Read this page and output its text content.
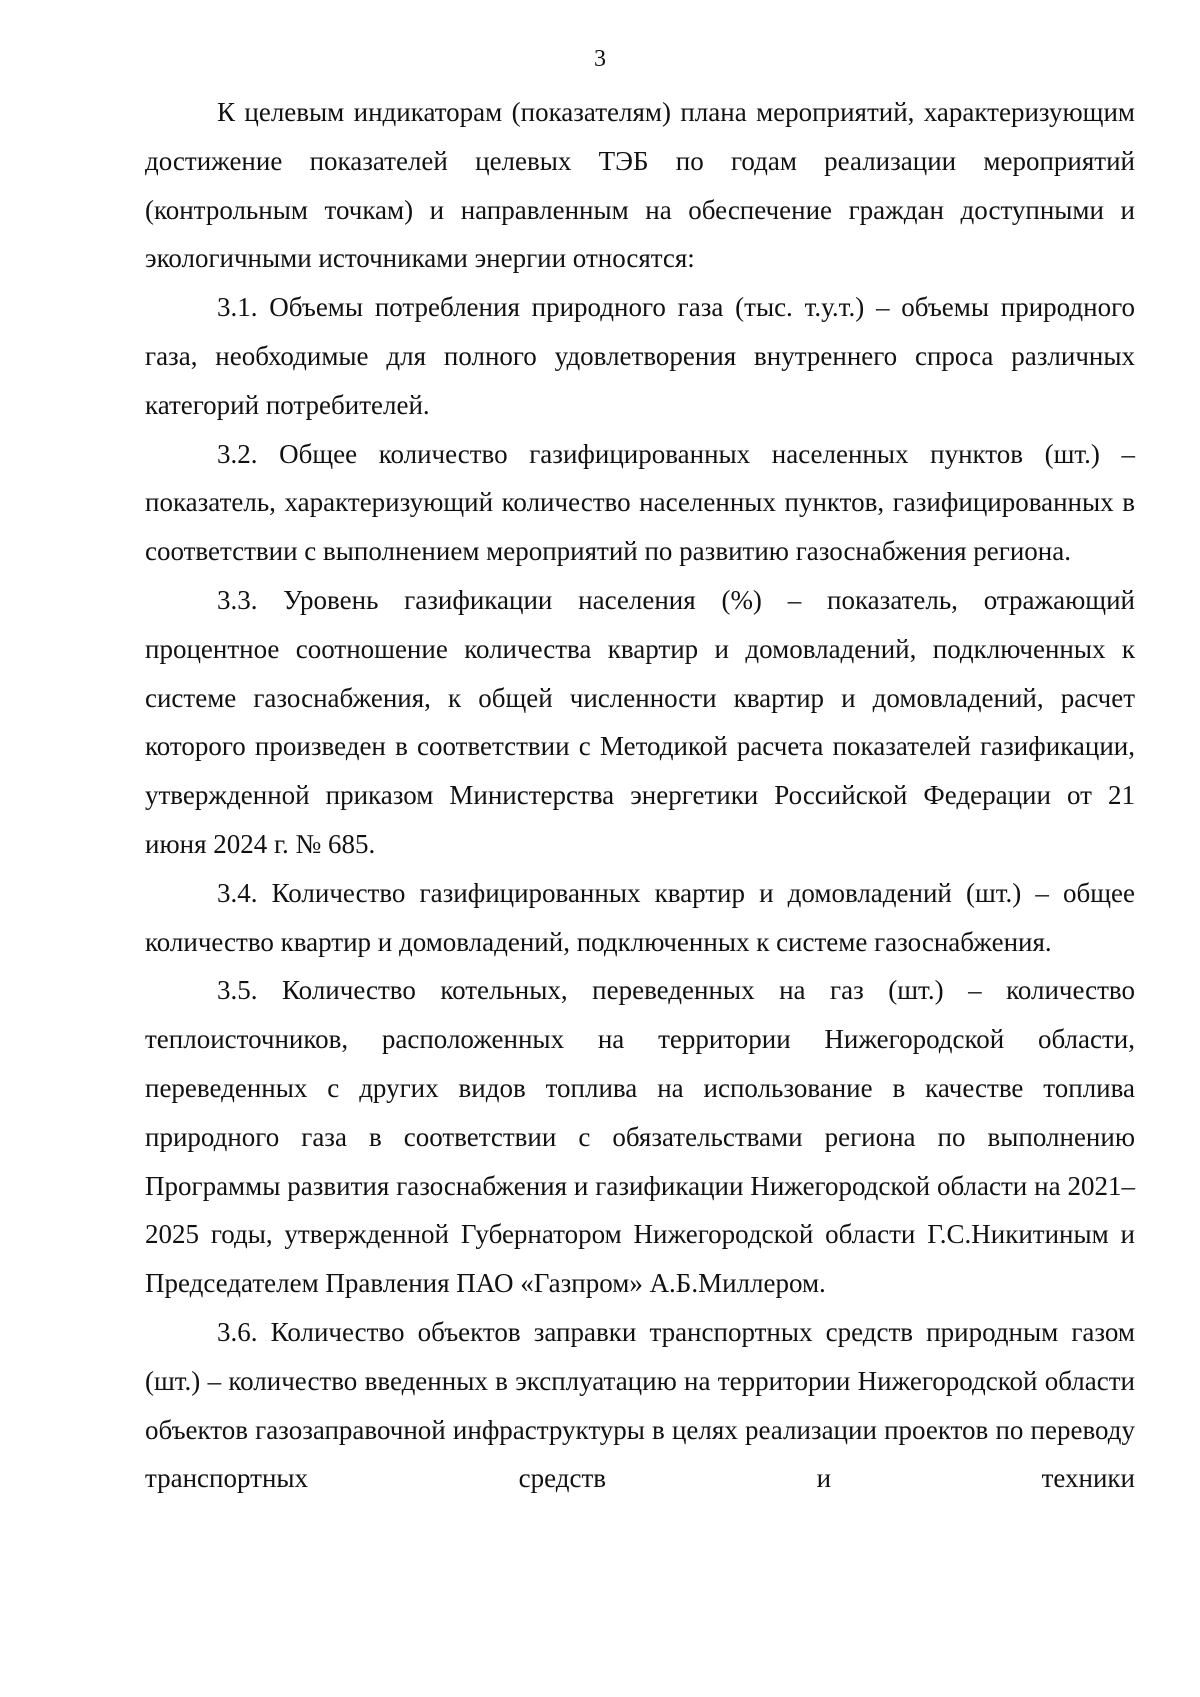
3

К целевым индикаторам (показателям) плана мероприятий, характеризующим достижение показателей целевых ТЭБ по годам реализации мероприятий (контрольным точкам) и направленным на обеспечение граждан доступными и экологичными источниками энергии относятся:

3.1. Объемы потребления природного газа (тыс. т.у.т.) – объемы природного газа, необходимые для полного удовлетворения внутреннего спроса различных категорий потребителей.

3.2. Общее количество газифицированных населенных пунктов (шт.) – показатель, характеризующий количество населенных пунктов, газифицированных в соответствии с выполнением мероприятий по развитию газоснабжения региона.

3.3. Уровень газификации населения (%) – показатель, отражающий процентное соотношение количества квартир и домовладений, подключенных к системе газоснабжения, к общей численности квартир и домовладений, расчет которого произведен в соответствии с Методикой расчета показателей газификации, утвержденной приказом Министерства энергетики Российской Федерации от 21 июня 2024 г. № 685.

3.4. Количество газифицированных квартир и домовладений (шт.) – общее количество квартир и домовладений, подключенных к системе газоснабжения.

3.5. Количество котельных, переведенных на газ (шт.) – количество теплоисточников, расположенных на территории Нижегородской области, переведенных с других видов топлива на использование в качестве топлива природного газа в соответствии с обязательствами региона по выполнению Программы развития газоснабжения и газификации Нижегородской области на 2021–2025 годы, утвержденной Губернатором Нижегородской области Г.С.Никитиным и Председателем Правления ПАО «Газпром» А.Б.Миллером.

3.6. Количество объектов заправки транспортных средств природным газом (шт.) – количество введенных в эксплуатацию на территории Нижегородской области объектов газозаправочной инфраструктуры в целях реализации проектов по переводу транспортных средств и техники
